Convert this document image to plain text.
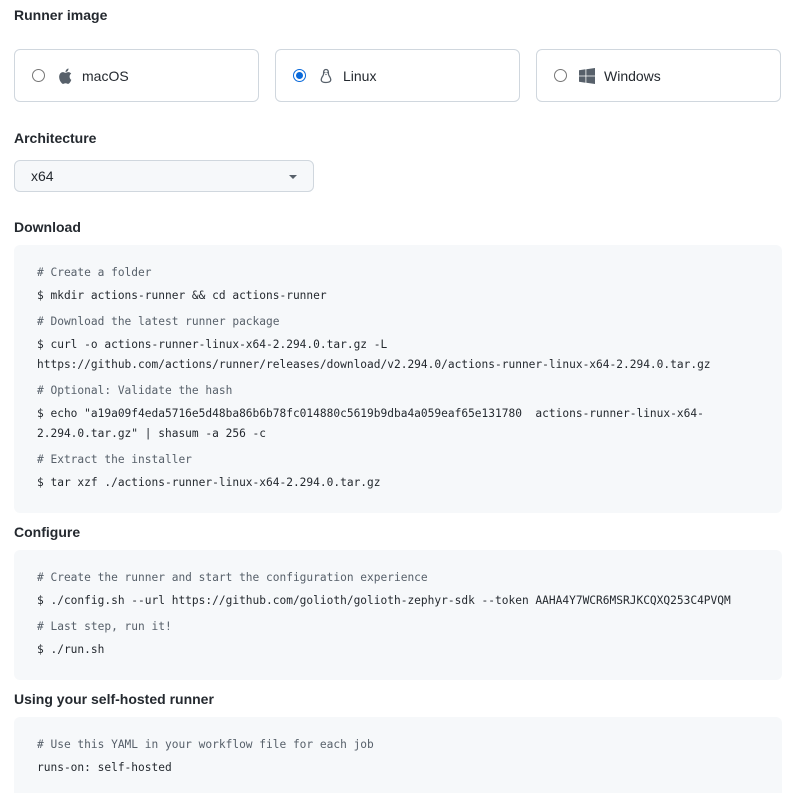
Runner image
macOS	Linux	Windows
Architecture
x64
Download
# Create a folder
$ mkdir actions-runner && cd actions-runner
# Download the latest runner package
$ curl -o actions-runner-linux-x64-2.294.0.tar.gz -L
https://github.com/actions/runner/releases/download/v2.294.0/actions-runner-linux-x64-2.294.0.tar.gz
# Optional: Validate the hash
$ echo "a19a09f4eda5716e5d48ba86b6b78fc014880c5619b9dba4a059eaf65e131780  actions-runner-linux-x64-
2.294.0.tar.gz" | shasum -a 256 -c
# Extract the installer
$ tar xzf ./actions-runner-linux-x64-2.294.0.tar.gz
Configure
# Create the runner and start the configuration experience
$ ./config.sh --url https://github.com/golioth/golioth-zephyr-sdk --token AAHA4Y7WCR6MSRJKCQXQ253C4PVQM
# Last step, run it!
$ ./run.sh
Using your self-hosted runner
# Use this YAML in your workflow file for each job
runs-on: self-hosted
